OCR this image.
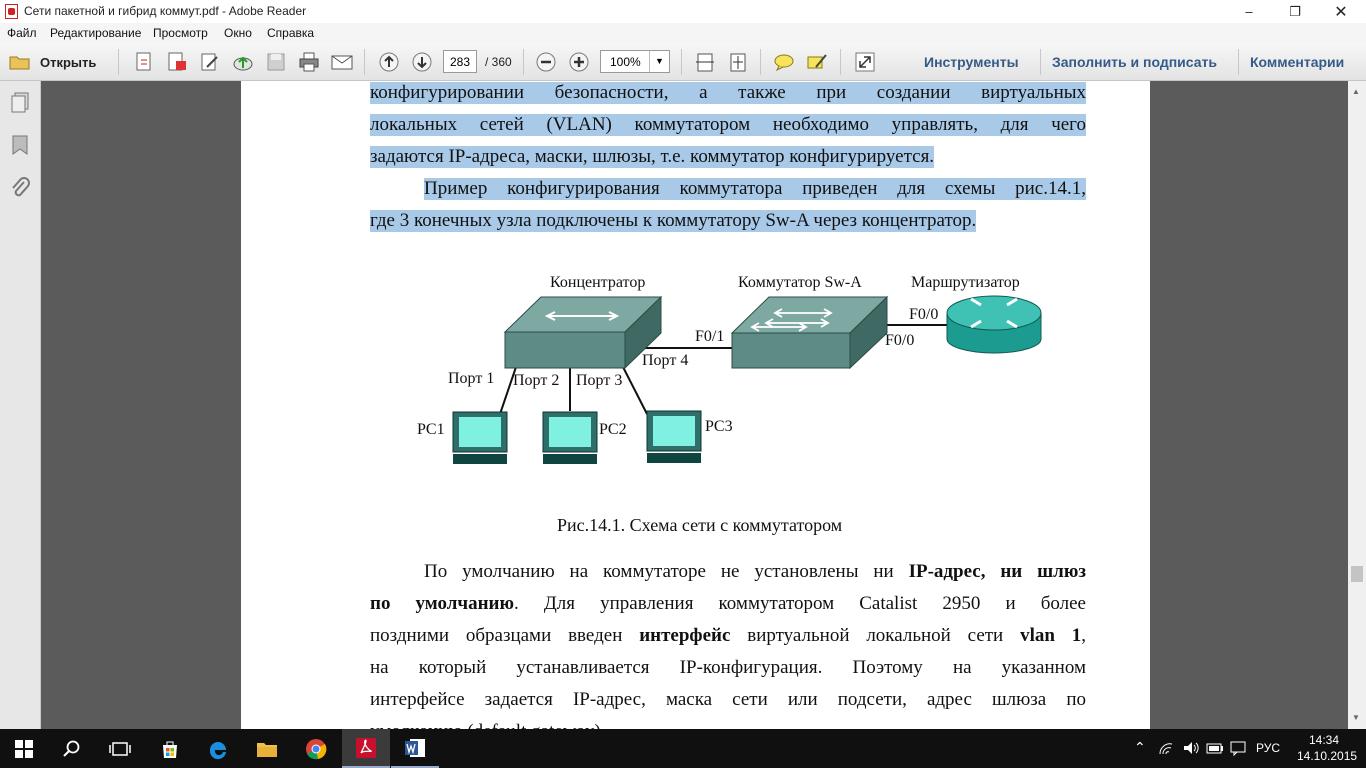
Сети пакетной и гибрид коммут.pdf - Adobe Reader	–	❐	✕
Файл Редактирование Просмотр Окно Справка
Открыть
283	/ 360	100%	▼	Инструменты Заполнить и подписать Комментарии
конфигурировании безопасности, а также при создании виртуальных
локальных сетей (VLAN) коммутатором необходимо управлять, для чего
задаются IP-адреса, маски, шлюзы, т.е. коммутатор конфигурируется.
Пример конфигурирования коммутатора приведен для схемы рис.14.1,
где 3 конечных узла подключены к коммутатору Sw-A через концентратор.
Концентратор	Коммутатор Sw-A	Маршрутизатор
F0/0
F0/1	F0/0
Порт 4
Порт 1 Порт 2 Порт 3
PC1	PC2	PC3
Рис.14.1. Схема сети с коммутатором
По умолчанию на коммутаторе не установлены ни IP-адрес, ни шлюз
по умолчанию. Для управления коммутатором Catalist 2950 и более
поздними образцами введен интерфейс виртуальной локальной сети vlan 1,
на который устанавливается IP-конфигурация. Поэтому на указанном
интерфейсе задается IP-адрес, маска сети или подсети, адрес шлюза по
▲
▼
⌃	РУС
14:34
14.10.2015
